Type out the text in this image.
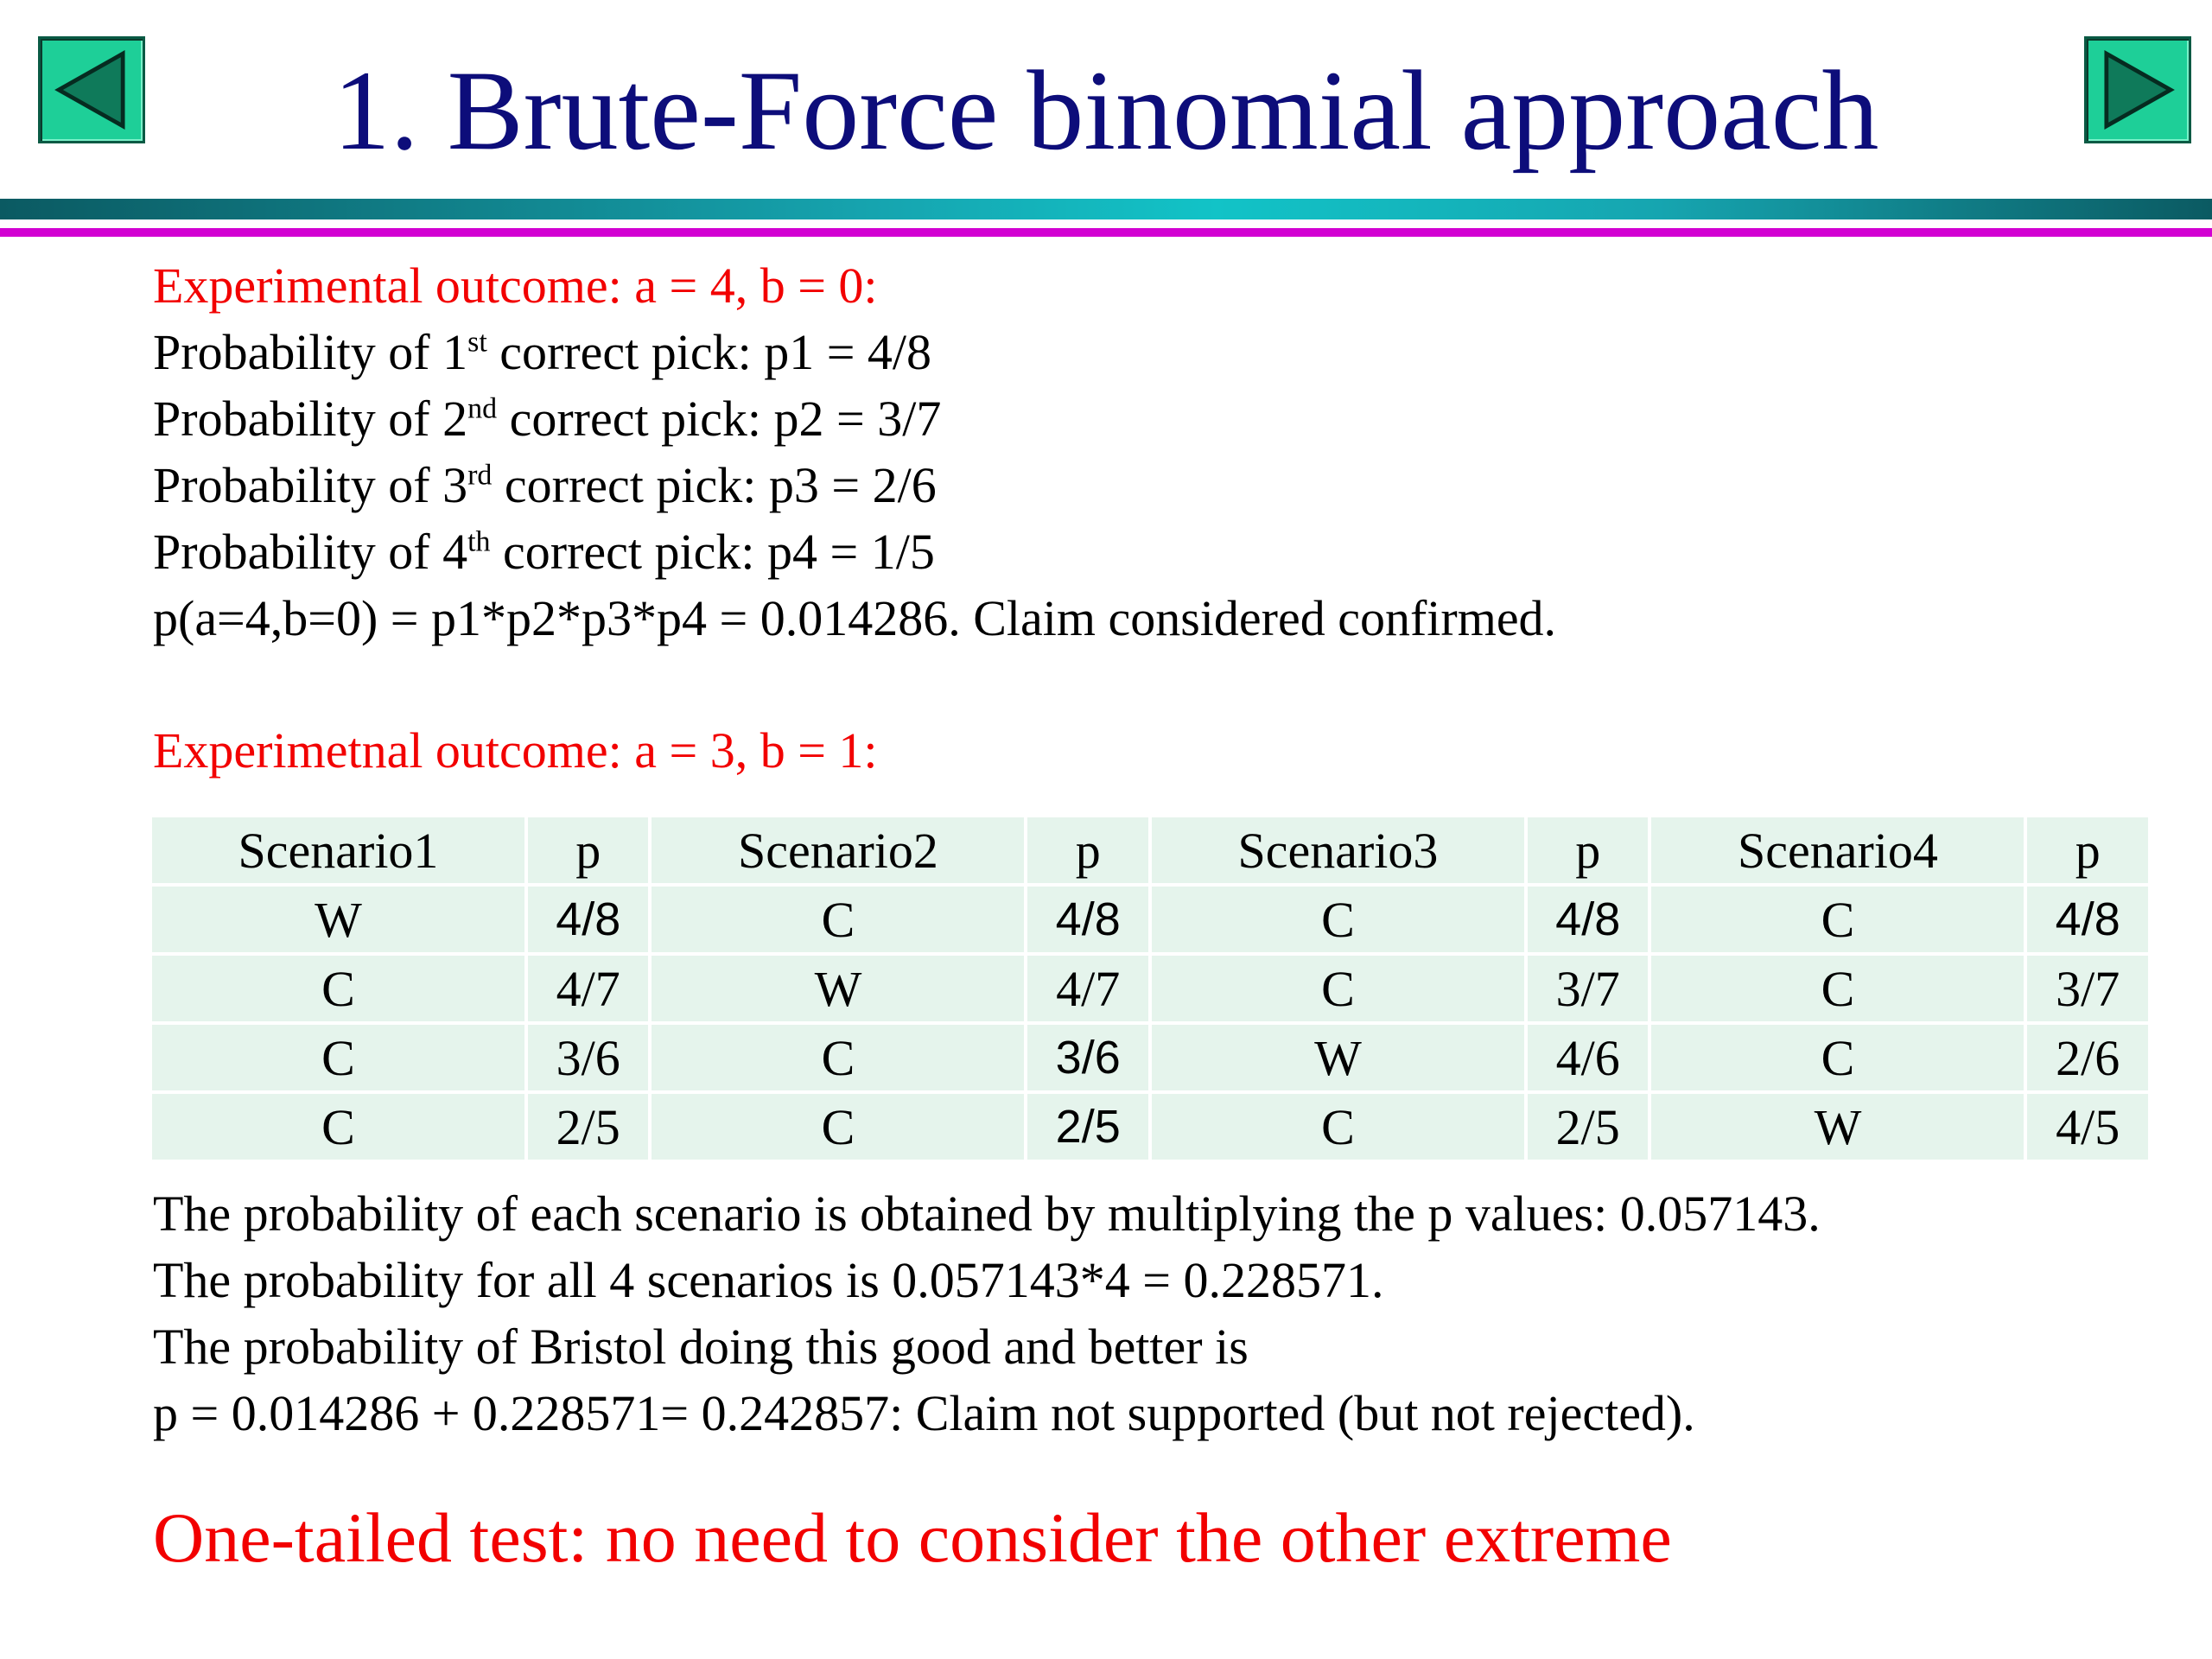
1. Brute-Force binomial approach
Experimental outcome: a = 4, b = 0:
Probability of 1st correct pick: p1 = 4/8
Probability of 2nd correct pick: p2 = 3/7
Probability of 3rd correct pick: p3 = 2/6
Probability of 4th correct pick: p4 = 1/5
p(a=4,b=0) = p1*p2*p3*p4 = 0.014286. Claim considered confirmed.
Experimetnal outcome: a = 3, b = 1:
Scenario1	p	Scenario2	p	Scenario3	p	Scenario4	p
W	4/8	C	4/8	C	4/8	C	4/8
C	4/7	W	4/7	C	3/7	C	3/7
C	3/6	C	3/6	W	4/6	C	2/6
C	2/5	C	2/5	C	2/5	W	4/5
The probability of each scenario is obtained by multiplying the p values: 0.057143.
The probability for all 4 scenarios is 0.057143*4 = 0.228571.
The probability of Bristol doing this good and better is
p = 0.014286 + 0.228571= 0.242857: Claim not supported (but not rejected).
One-tailed test: no need to consider the other extreme
